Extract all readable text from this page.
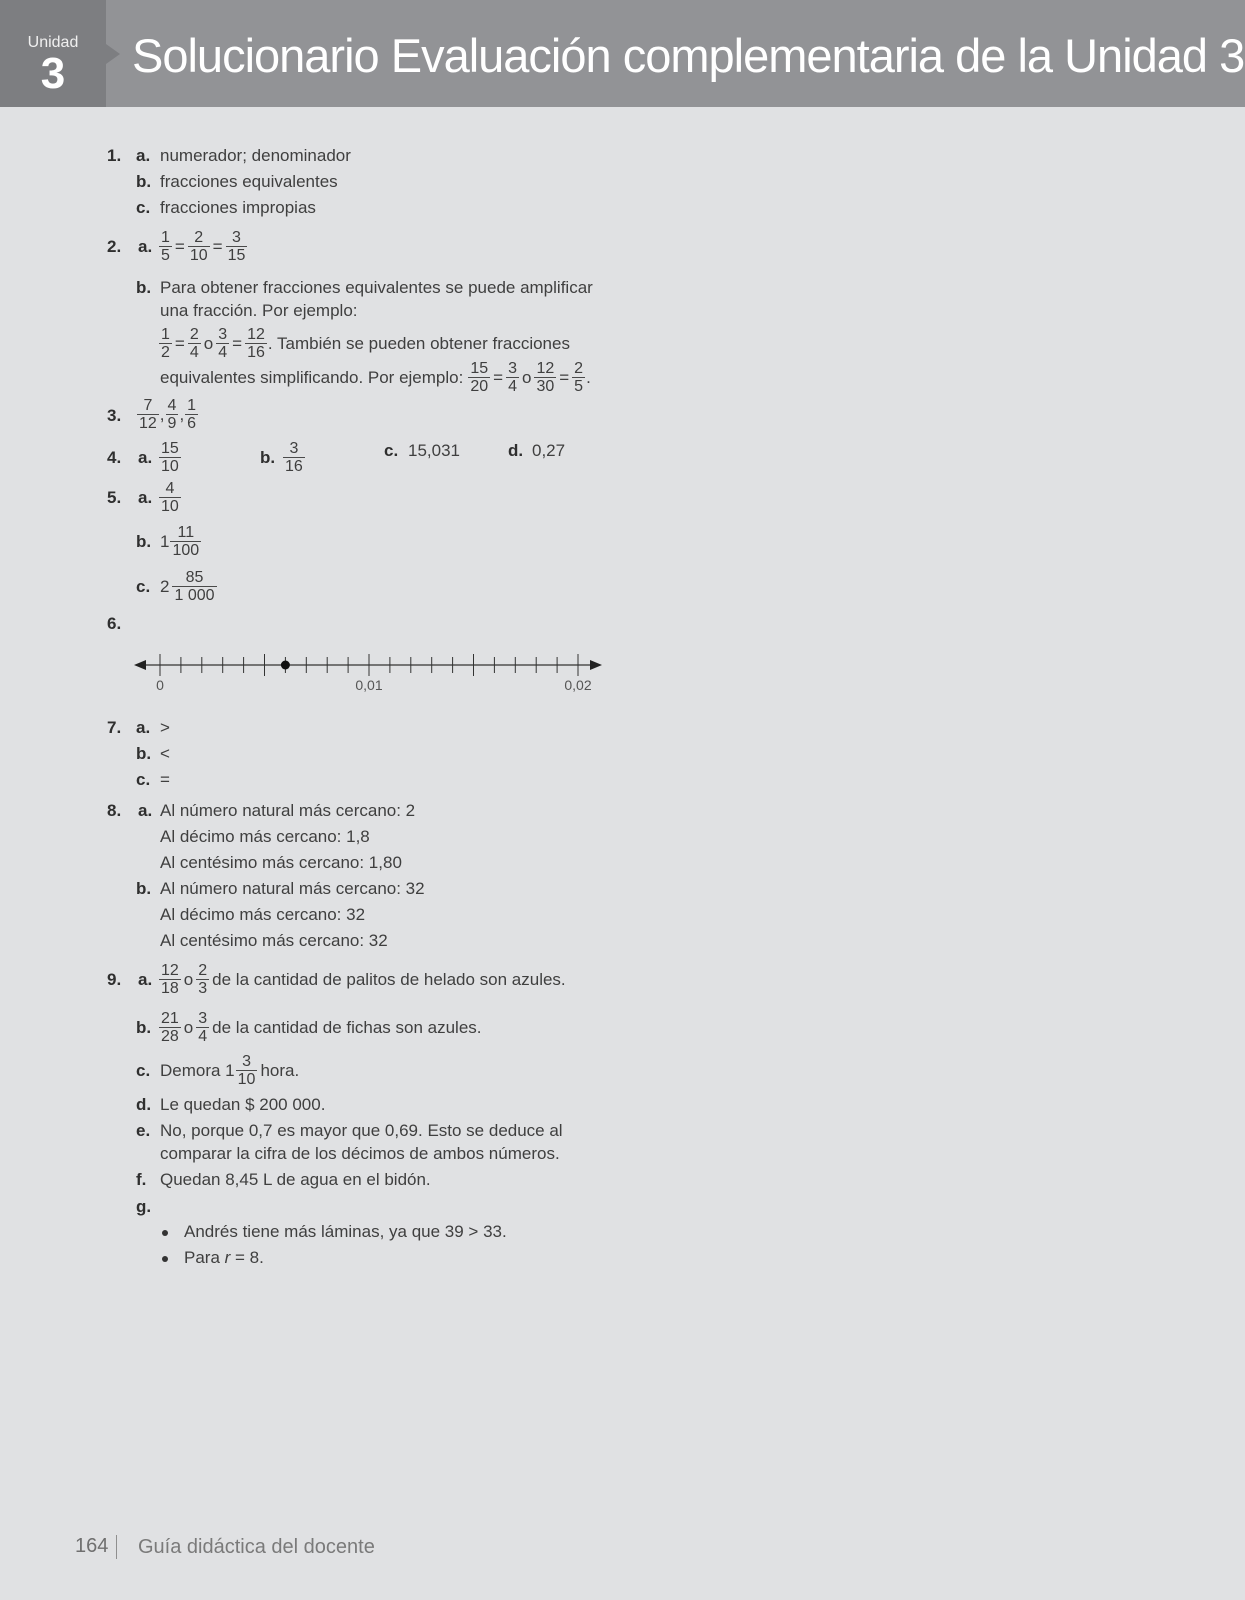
Unidad
3	Solucionario Evaluación complementaria de la Unidad 3
1. a. numerador; denominador
b. fracciones equivalentes
c. fracciones impropias
2. a. $\frac{1}{5} = \frac{2}{10} = \frac{3}{15}$
b. Para obtener fracciones equivalentes se puede amplificar
una fracción. Por ejemplo:
$\frac{1}{2} = \frac{2}{4}$ o $\frac{3}{4} = \frac{12}{16}$ . También se pueden obtener fracciones
equivalentes simplificando. Por ejemplo: $\frac{15}{20} = \frac{3}{4}$ o $\frac{12}{30} = \frac{2}{5}$ .
3. $\frac{7}{12}$ , $\frac{4}{9}$ , $\frac{1}{6}$
4. a. $\frac{15}{10}$	b. $\frac{3}{16}$	c. 15,031	d. 0,27
5. a. $\frac{4}{10}$
b. $1 \frac{11}{100}$
c. $2 \frac{85}{1 000}$
6.
0	0,01	0,02
7. a. >
b. <
c. =
8. a. Al número natural más cercano: 2
Al décimo más cercano: 1,8
Al centésimo más cercano: 1,80
b. Al número natural más cercano: 32
Al décimo más cercano: 32
Al centésimo más cercano: 32
9. a. $\frac{12}{18}$ o $\frac{2}{3}$ de la cantidad de palitos de helado son azules.
b. $\frac{21}{28}$ o $\frac{3}{4}$ de la cantidad de fichas son azules.
c. Demora $1 \frac{3}{10}$ hora.
d. Le quedan $ 200 000.
e. No, porque 0,7 es mayor que 0,69. Esto se deduce al
comparar la cifra de los décimos de ambos números.
f. Quedan 8,45 L de agua en el bidón.
g.
Andrés tiene más láminas, ya que 39 > 33.
Para r = 8.
164 Guía didáctica del docente
